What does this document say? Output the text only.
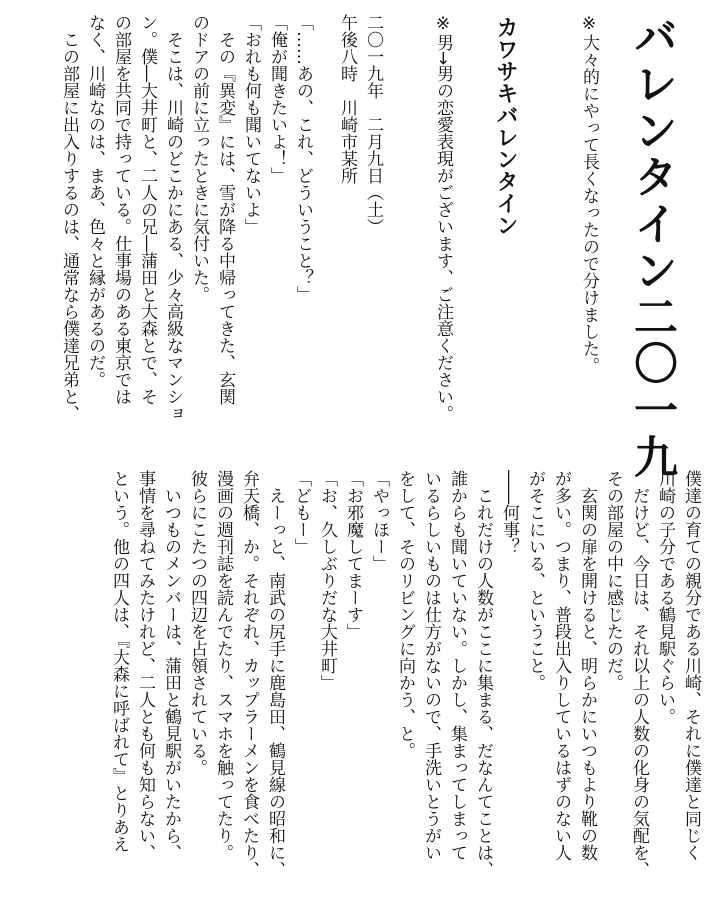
バレンタイン二〇一九

※大々的にやって長くなったので分けました。

カワサキバレンタイン

※男→男の恋愛表現がございます、ご注意ください。

二〇一九年　二月九日（土）
午後八時　川崎市某所
「……あの、これ、どういうこと？」
「俺が聞きたいよ！」
「おれも何も聞いてないよ」
　その『異変』には、雪が降る中帰ってきた、玄関
のドアの前に立ったときに気付いた。
　そこは、川崎のどこかにある、少々高級なマンショ
ン。僕―大井町と、二人の兄―蒲田と大森とで、そ
の部屋を共同で持っている。仕事場のある東京では
なく、川崎なのは、まあ、色々と縁があるのだ。
　この部屋に出入りするのは、通常なら僕達兄弟と、
僕達の育ての親分である川崎、それに僕達と同じく
川崎の子分である鶴見駅ぐらい。
　だけど、今日は、それ以上の人数の化身の気配を、
その部屋の中に感じたのだ。
　玄関の扉を開けると、明らかにいつもより靴の数
が多い。つまり、普段出入りしているはずのない人
がそこにいる、ということ。
――何事？
　これだけの人数がここに集まる、だなんてことは、
誰からも聞いていない。しかし、集まってしまって
いるらしいものは仕方がないので、手洗いとうがい
をして、そのリビングに向かう、と。
「やっほー」
「お邪魔してまーす」
「お、久しぶりだな大井町」
「どもー」
　えーっと、南武の尻手に鹿島田、鶴見線の昭和に、
弁天橋、か。それぞれ、カップラーメンを食べたり、
漫画の週刊誌を読んでたり、スマホを触ってたり。
彼らにこたつの四辺を占領されている。
　いつものメンバーは、蒲田と鶴見駅がいたから、
事情を尋ねてみたけれど、二人とも何も知らない、
という。他の四人は、『大森に呼ばれて』とりあえ
